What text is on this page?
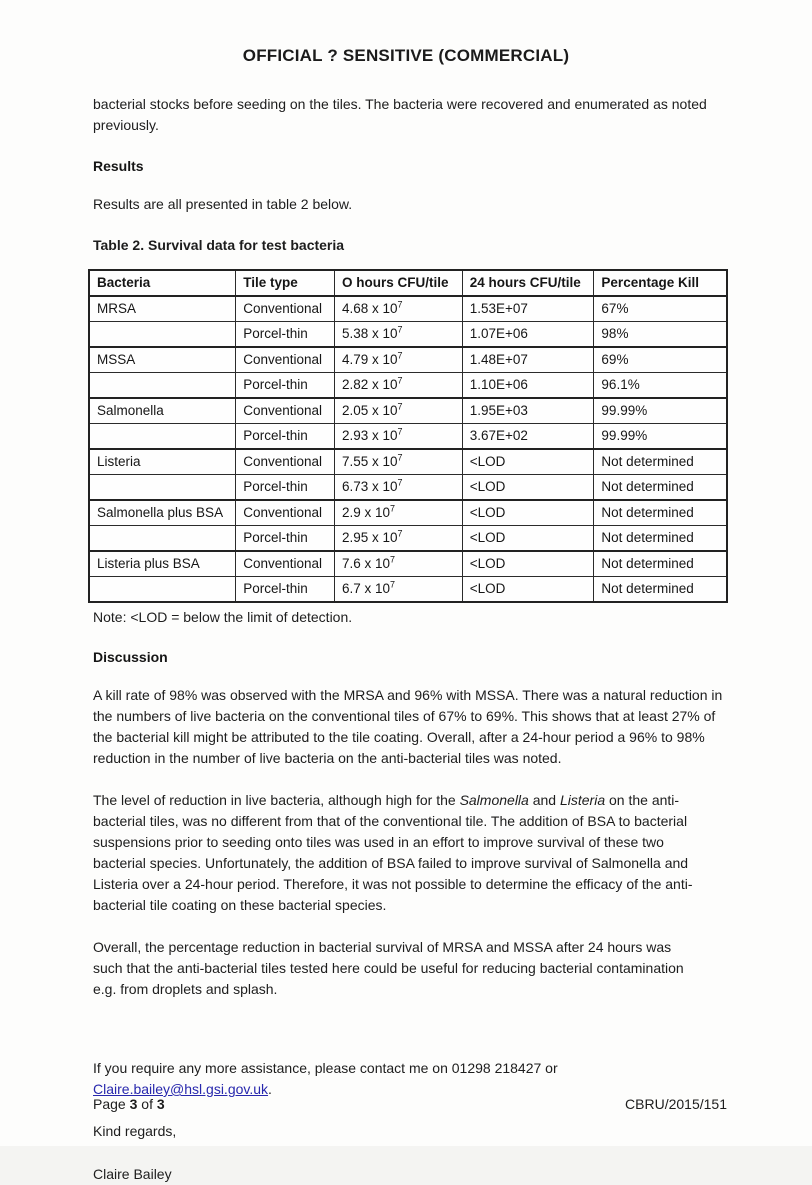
OFFICIAL ? SENSITIVE (COMMERCIAL)

bacterial stocks before seeding on the tiles. The bacteria were recovered and enumerated as noted
previously.

Results

Results are all presented in table 2 below.

Table 2. Survival data for test bacteria

Bacteria	Tile type	O hours CFU/tile	24 hours CFU/tile	Percentage Kill
MRSA	Conventional	4.68 x $10^7$	1.53E+07	67%
	Porcel-thin	5.38 x $10^7$	1.07E+06	98%
MSSA	Conventional	4.79 x $10^7$	1.48E+07	69%
	Porcel-thin	2.82 x $10^7$	1.10E+06	96.1%
Salmonella	Conventional	2.05 x $10^7$	1.95E+03	99.99%
	Porcel-thin	2.93 x $10^7$	3.67E+02	99.99%
Listeria	Conventional	7.55 x $10^7$	<LOD	Not determined
	Porcel-thin	6.73 x $10^7$	<LOD	Not determined
Salmonella plus BSA	Conventional	2.9 x $10^7$	<LOD	Not determined
	Porcel-thin	2.95 x $10^7$	<LOD	Not determined
Listeria plus BSA	Conventional	7.6 x $10^7$	<LOD	Not determined
	Porcel-thin	6.7 x $10^7$	<LOD	Not determined

Note: <LOD = below the limit of detection.

Discussion

A kill rate of 98% was observed with the MRSA and 96% with MSSA. There was a natural reduction in
the numbers of live bacteria on the conventional tiles of 67% to 69%. This shows that at least 27% of
the bacterial kill might be attributed to the tile coating. Overall, after a 24-hour period a 96% to 98%
reduction in the number of live bacteria on the anti-bacterial tiles was noted.

The level of reduction in live bacteria, although high for the Salmonella and Listeria on the anti-
bacterial tiles, was no different from that of the conventional tile. The addition of BSA to bacterial
suspensions prior to seeding onto tiles was used in an effort to improve survival of these two
bacterial species. Unfortunately, the addition of BSA failed to improve survival of Salmonella and
Listeria over a 24-hour period. Therefore, it was not possible to determine the efficacy of the anti-
bacterial tile coating on these bacterial species.

Overall, the percentage reduction in bacterial survival of MRSA and MSSA after 24 hours was
such that the anti-bacterial tiles tested here could be useful for reducing bacterial contamination
e.g. from droplets and splash.

If you require any more assistance, please contact me on 01298 218427 or
Claire.bailey@hsl.gsi.gov.uk.

Kind regards,

Claire Bailey

Page 3 of 3	CBRU/2015/151
